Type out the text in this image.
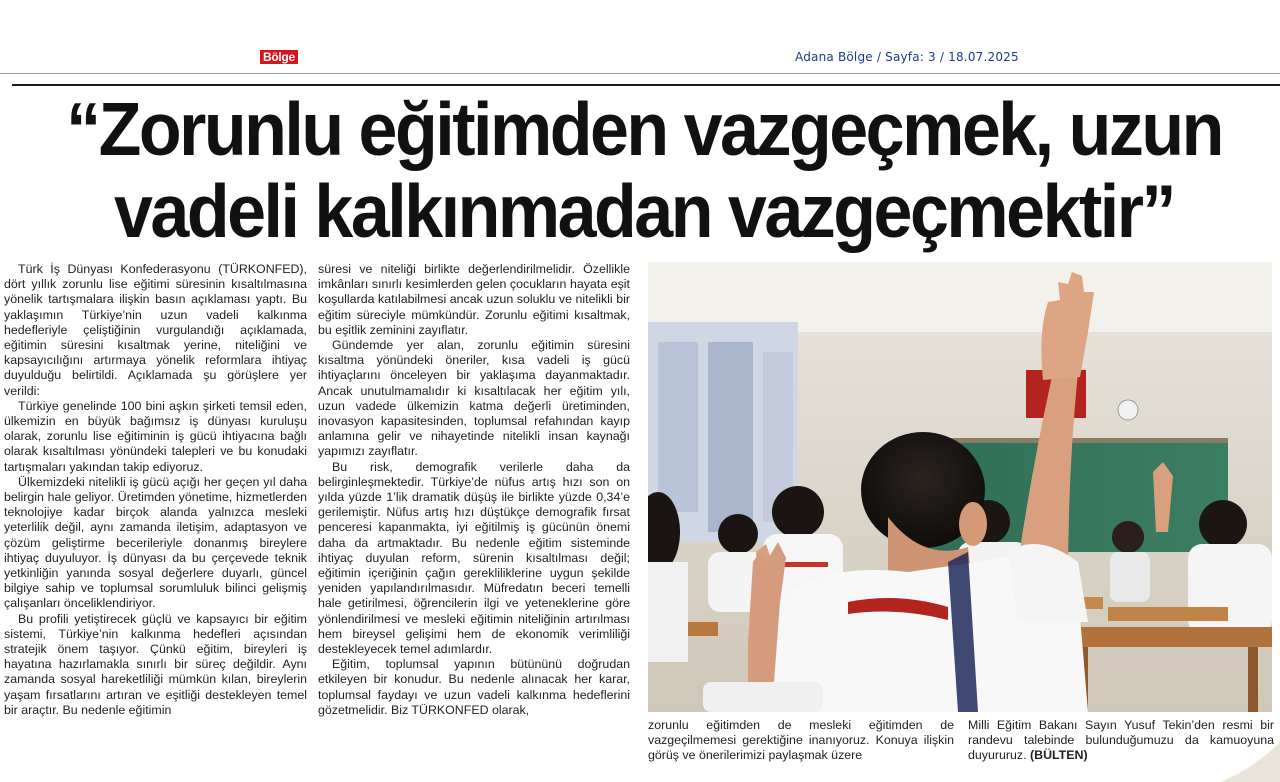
Bölge	Adana Bölge / Sayfa: 3 / 18.07.2025
“Zorunlu eğitimden vazgeçmek, uzun vadeli kalkınmadan vazgeçmektir”

Türk İş Dünyası Konfederasyonu (TÜRKONFED), dört yıllık zorunlu lise eğitimi süresinin kısaltılmasına yönelik tartışmalara ilişkin basın açıklaması yaptı. Bu yaklaşımın Türkiye’nin uzun vadeli kalkınma hedefleriyle çeliştiğinin vurgulandığı açıklamada, eğitimin süresini kısaltmak yerine, niteliğini ve kapsayıcılığını artırmaya yönelik reformlara ihtiyaç duyulduğu belirtildi. Açıklamada şu görüşlere yer verildi:

Türkiye genelinde 100 bini aşkın şirketi temsil eden, ülkemizin en büyük bağımsız iş dünyası kuruluşu olarak, zorunlu lise eğitiminin iş gücü ihtiyacına bağlı olarak kısaltılması yönündeki talepleri ve bu konudaki tartışmaları yakından takip ediyoruz.

Ülkemizdeki nitelikli iş gücü açığı her geçen yıl daha belirgin hale geliyor. Üretimden yönetime, hizmetlerden teknolojiye kadar birçok alanda yalnızca mesleki yeterlilik değil, aynı zamanda iletişim, adaptasyon ve çözüm geliştirme becerileriyle donanmış bireylere ihtiyaç duyuluyor. İş dünyası da bu çerçevede teknik yetkinliğin yanında sosyal değerlere duyarlı, güncel bilgiye sahip ve toplumsal sorumluluk bilinci gelişmiş çalışanları önceliklendiriyor.

Bu profili yetiştirecek güçlü ve kapsayıcı bir eğitim sistemi, Türkiye’nin kalkınma hedefleri açısından stratejik önem taşıyor. Çünkü eğitim, bireyleri iş hayatına hazırlamakla sınırlı bir süreç değildir. Aynı zamanda sosyal hareketliliği mümkün kılan, bireylerin yaşam fırsatlarını artıran ve eşitliği destekleyen temel bir araçtır. Bu nedenle eğitimin

süresi ve niteliği birlikte değerlendirilmelidir. Özellikle imkânları sınırlı kesimlerden gelen çocukların hayata eşit koşullarda katılabilmesi ancak uzun soluklu ve nitelikli bir eğitim süreciyle mümkündür. Zorunlu eğitimi kısaltmak, bu eşitlik zeminini zayıflatır.

Gündemde yer alan, zorunlu eğitimin süresini kısaltma yönündeki öneriler, kısa vadeli iş gücü ihtiyaçlarını önceleyen bir yaklaşıma dayanmaktadır. Ancak unutulmamalıdır ki kısaltılacak her eğitim yılı, uzun vadede ülkemizin katma değerli üretiminden, inovasyon kapasitesinden, toplumsal refahından kayıp anlamına gelir ve nihayetinde nitelikli insan kaynağı yapımızı zayıflatır.

Bu risk, demografik verilerle daha da belirginleşmektedir. Türkiye’de nüfus artış hızı son on yılda yüzde 1’lik dramatik düşüş ile birlikte yüzde 0,34’e gerilemiştir. Nüfus artış hızı düştükçe demografik fırsat penceresi kapanmakta, iyi eğitilmiş iş gücünün önemi daha da artmaktadır. Bu nedenle eğitim sisteminde ihtiyaç duyulan reform, sürenin kısaltılması değil; eğitimin içeriğinin çağın gerekliliklerine uygun şekilde yeniden yapılandırılmasıdır. Müfredatın beceri temelli hale getirilmesi, öğrencilerin ilgi ve yeteneklerine göre yönlendirilmesi ve mesleki eğitimin niteliğinin artırılması hem bireysel gelişimi hem de ekonomik verimliliği destekleyecek temel adımlardır.

Eğitim, toplumsal yapının bütününü doğrudan etkileyen bir konudur. Bu nedenle alınacak her karar, toplumsal faydayı ve uzun vadeli kalkınma hedeflerini gözetmelidir. Biz TÜRKONFED olarak,

zorunlu eğitimden de mesleki eğitimden de vazgeçilmemesi gerektiğine inanıyoruz. Konuya ilişkin görüş ve önerilerimizi paylaşmak üzere
Milli Eğitim Bakanı Sayın Yusuf Tekin’den resmi bir randevu talebinde bulunduğumuzu da kamuoyuna duyururuz. (BÜLTEN)
